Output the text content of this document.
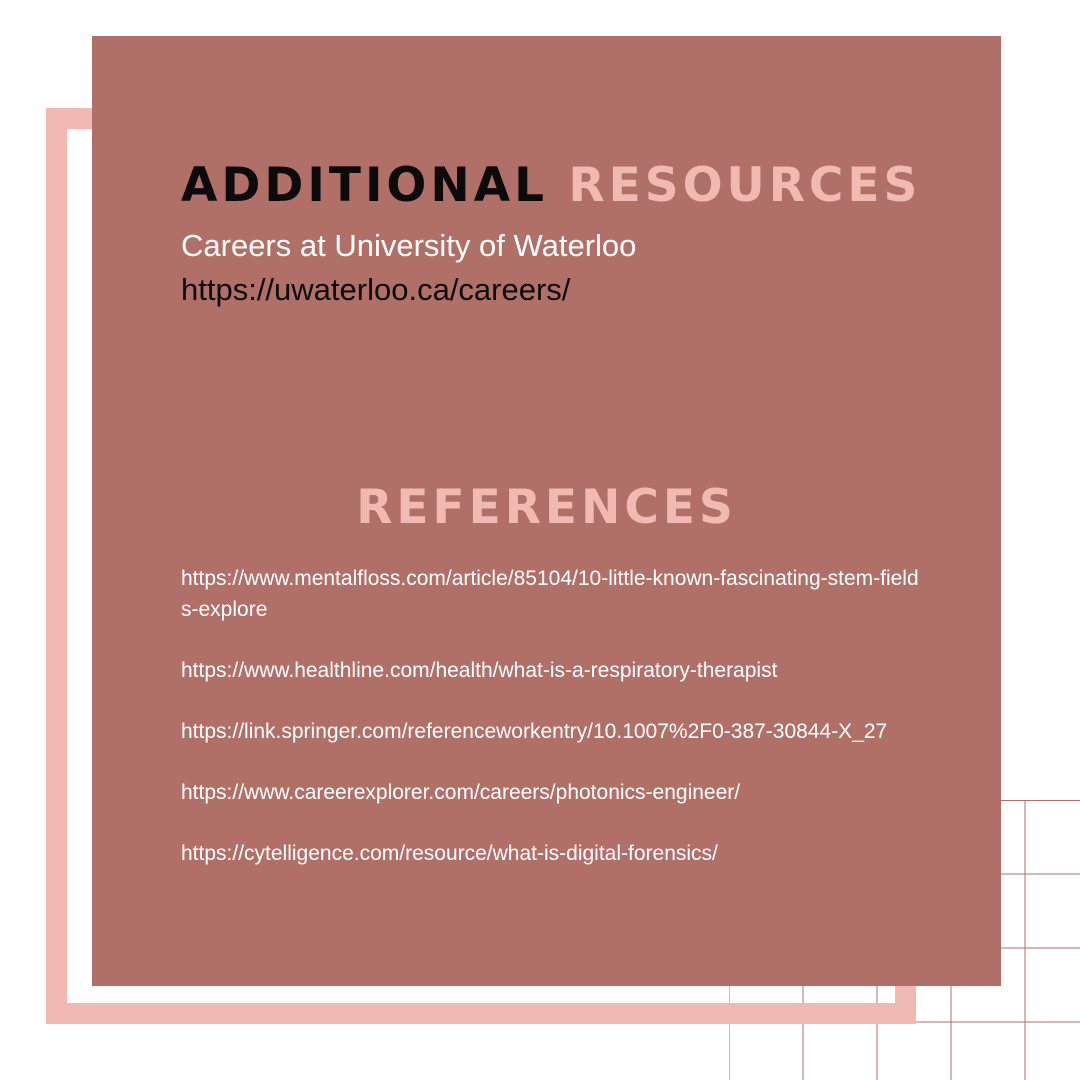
ADDITIONAL RESOURCES
Careers at University of Waterloo
https://uwaterloo.ca/careers/
REFERENCES
https://www.mentalfloss.com/article/85104/10-little-known-fascinating-stem-fields-explore
https://www.healthline.com/health/what-is-a-respiratory-therapist
https://link.springer.com/referenceworkentry/10.1007%2F0-387-30844-X_27
https://www.careerexplorer.com/careers/photonics-engineer/
https://cytelligence.com/resource/what-is-digital-forensics/
